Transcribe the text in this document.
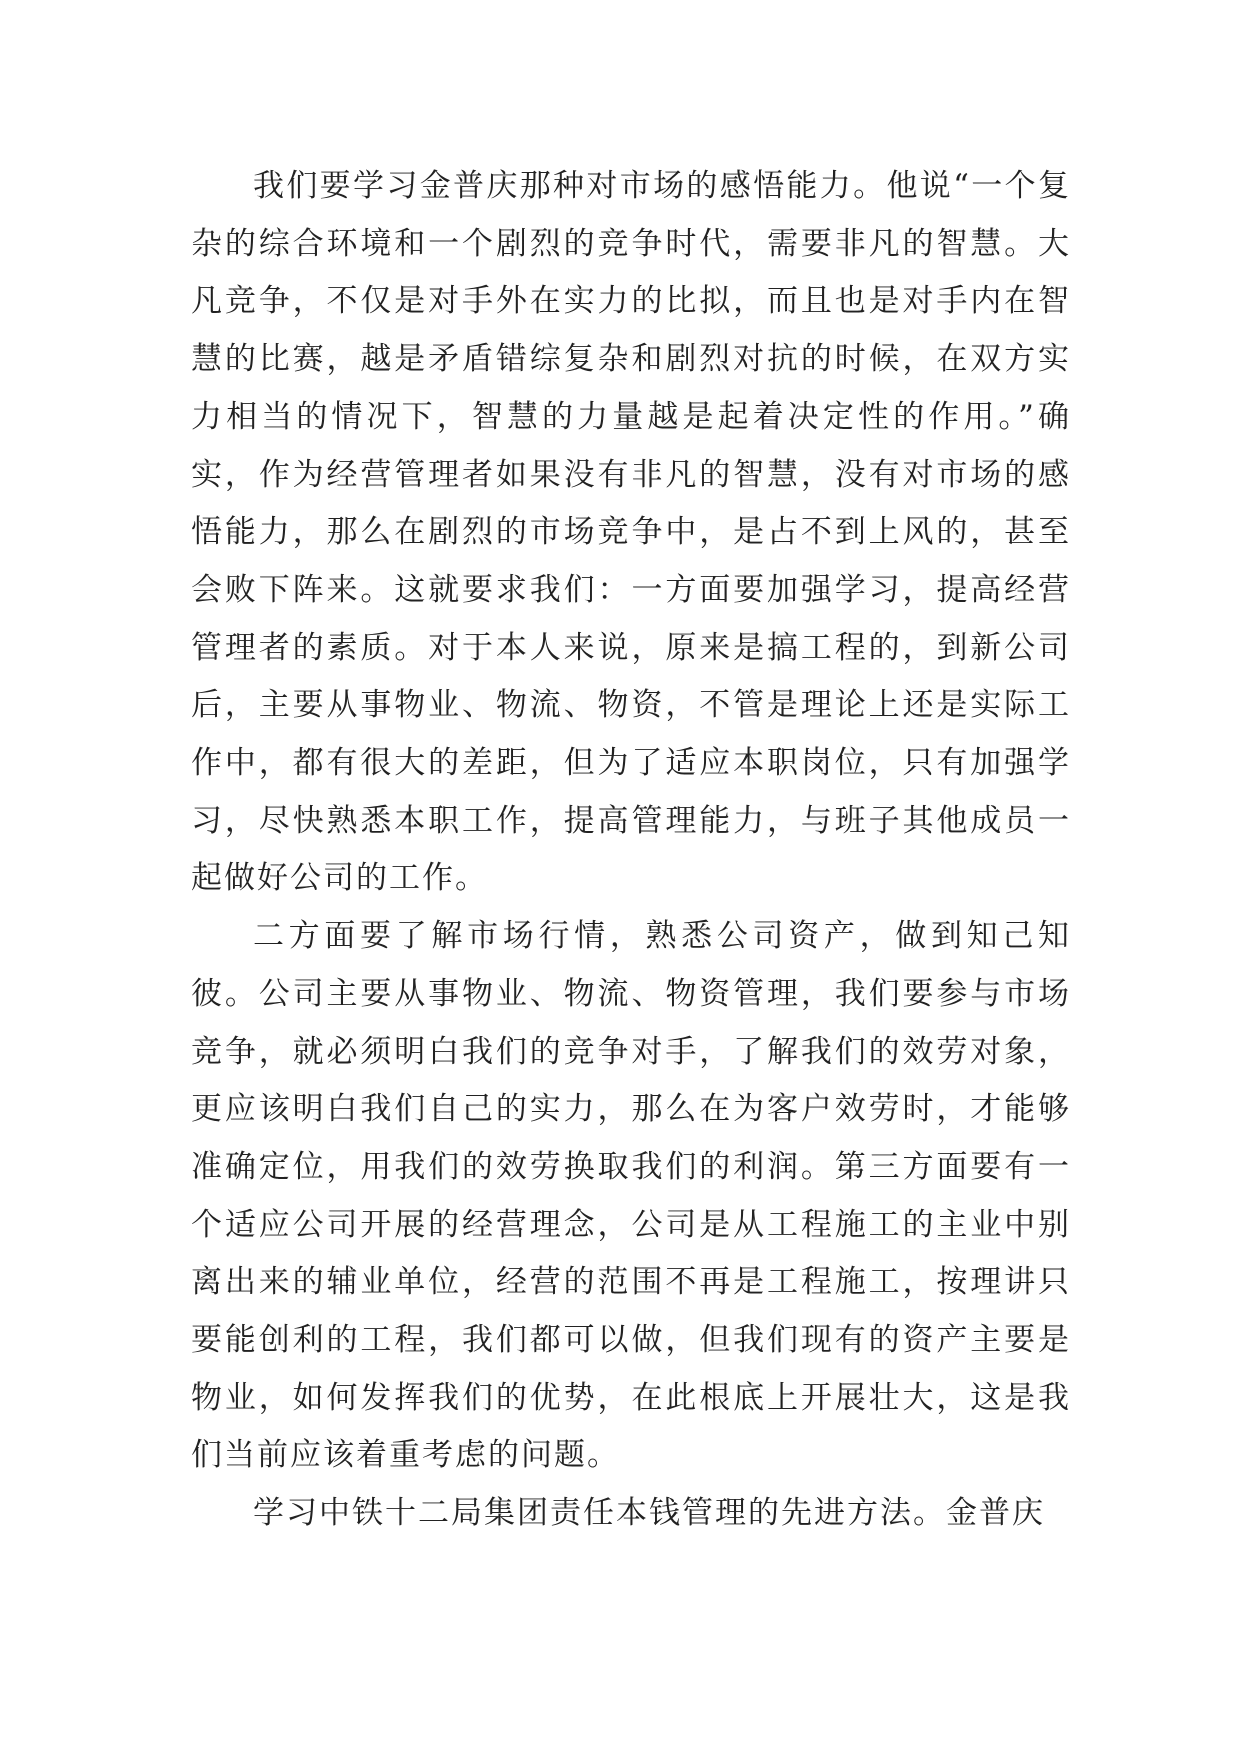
我们要学习金普庆那种对市场的感悟能力。他说“一个复杂的综合环境和一个剧烈的竞争时代，需要非凡的智慧。大凡竞争，不仅是对手外在实力的比拟，而且也是对手内在智慧的比赛，越是矛盾错综复杂和剧烈对抗的时候，在双方实力相当的情况下，智慧的力量越是起着决定性的作用。”确实，作为经营管理者如果没有非凡的智慧，没有对市场的感悟能力，那么在剧烈的市场竞争中，是占不到上风的，甚至会败下阵来。这就要求我们：一方面要加强学习，提高经营管理者的素质。对于本人来说，原来是搞工程的，到新公司后，主要从事物业、物流、物资，不管是理论上还是实际工作中，都有很大的差距，但为了适应本职岗位，只有加强学习，尽快熟悉本职工作，提高管理能力，与班子其他成员一起做好公司的工作。

二方面要了解市场行情，熟悉公司资产，做到知己知彼。公司主要从事物业、物流、物资管理，我们要参与市场竞争，就必须明白我们的竞争对手，了解我们的效劳对象，更应该明白我们自己的实力，那么在为客户效劳时，才能够准确定位，用我们的效劳换取我们的利润。第三方面要有一个适应公司开展的经营理念，公司是从工程施工的主业中别离出来的辅业单位，经营的范围不再是工程施工，按理讲只要能创利的工程，我们都可以做，但我们现有的资产主要是物业，如何发挥我们的优势，在此根底上开展壮大，这是我们当前应该着重考虑的问题。

学习中铁十二局集团责任本钱管理的先进方法。金普庆
